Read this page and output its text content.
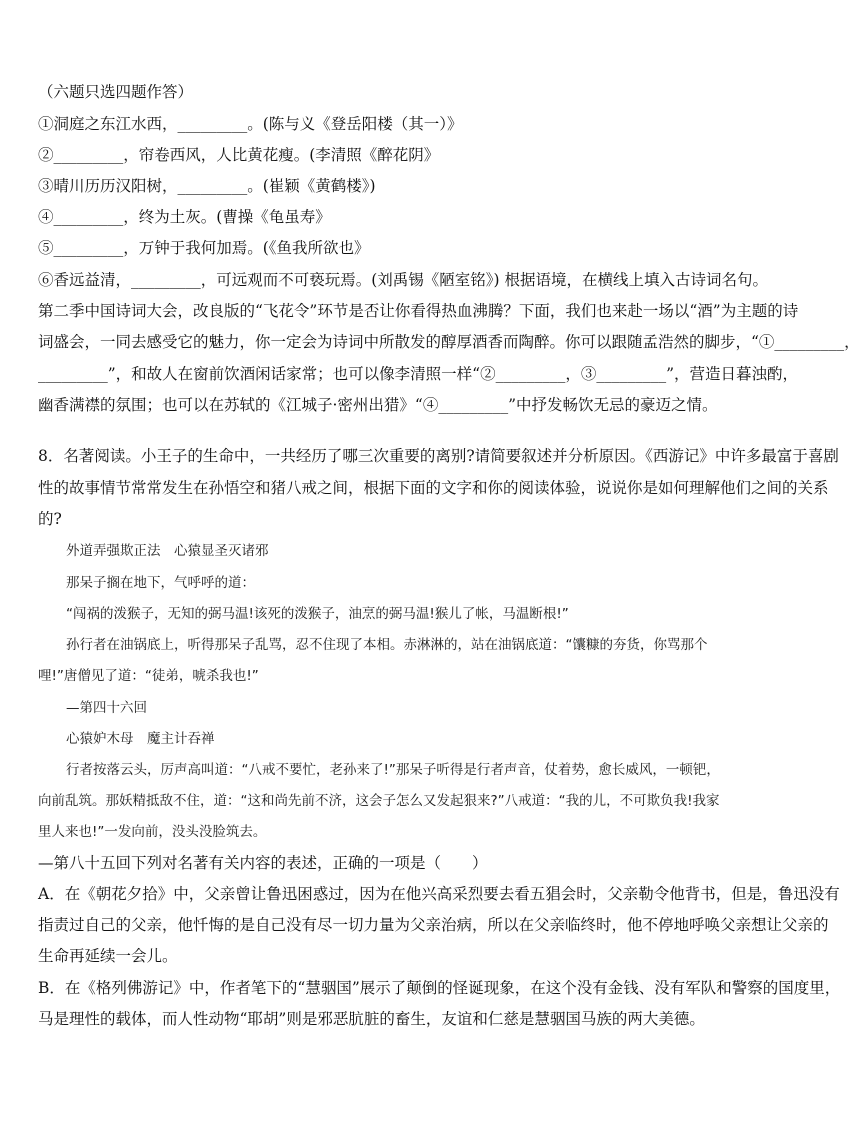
（六题只选四题作答）
①洞庭之东江水西，_________。(陈与义《登岳阳楼（其一）》
②_________，帘卷西风，人比黄花瘦。(李清照《醉花阴》
③晴川历历汉阳树，_________。(崔颖《黄鹤楼》)
④_________，终为土灰。(曹操《龟虽寿》
⑤_________，万钟于我何加焉。(《鱼我所欲也》
⑥香远益清，_________，可远观而不可亵玩焉。(刘禹锡《陋室铭》) 根据语境，在横线上填入古诗词名句。
第二季中国诗词大会，改良版的“飞花令”环节是否让你看得热血沸腾？下面，我们也来赴一场以“酒”为主题的诗
词盛会，一同去感受它的魅力，你一定会为诗词中所散发的醇厚酒香而陶醉。你可以跟随孟浩然的脚步，“①_________，
_________”，和故人在窗前饮酒闲话家常；也可以像李清照一样“②_________，③_________”，营造日暮浊酌，
幽香满襟的氛围；也可以在苏轼的《江城子·密州出猎》“④_________”中抒发畅饮无忌的豪迈之情。
8．名著阅读。小王子的生命中，一共经历了哪三次重要的离别?请简要叙述并分析原因。《西游记》中许多最富于喜剧
性的故事情节常常发生在孙悟空和猪八戒之间，根据下面的文字和你的阅读体验，说说你是如何理解他们之间的关系
的?
外道弄强欺正法　心猿显圣灭诸邪
那呆子搁在地下，气呼呼的道：
“闯祸的泼猴子，无知的弼马温!该死的泼猴子，油烹的弼马温!猴儿了帐，马温断根!”
孙行者在油锅底上，听得那呆子乱骂，忍不住现了本相。赤淋淋的，站在油锅底道：“馕糠的夯货，你骂那个
哩!”唐僧见了道：“徒弟，唬杀我也!”
—第四十六回
心猿妒木母　魔主计吞禅
行者按落云头，厉声高叫道：“八戒不要忙，老孙来了!”那呆子听得是行者声音，仗着势，愈长威风，一顿钯，
向前乱筑。那妖精抵敌不住，道：“这和尚先前不济，这会子怎么又发起狠来?”八戒道：“我的儿，不可欺负我!我家
里人来也!”一发向前，没头没脸筑去。
—第八十五回下列对名著有关内容的表述，正确的一项是（　　）
A．在《朝花夕拾》中，父亲曾让鲁迅困惑过，因为在他兴高采烈要去看五猖会时，父亲勒令他背书，但是，鲁迅没有
指责过自己的父亲，他忏悔的是自己没有尽一切力量为父亲治病，所以在父亲临终时，他不停地呼唤父亲想让父亲的
生命再延续一会儿。
B．在《格列佛游记》中，作者笔下的“慧骃国”展示了颠倒的怪诞现象，在这个没有金钱、没有军队和警察的国度里，
马是理性的载体，而人性动物“耶胡”则是邪恶肮脏的畜生，友谊和仁慈是慧骃国马族的两大美德。
